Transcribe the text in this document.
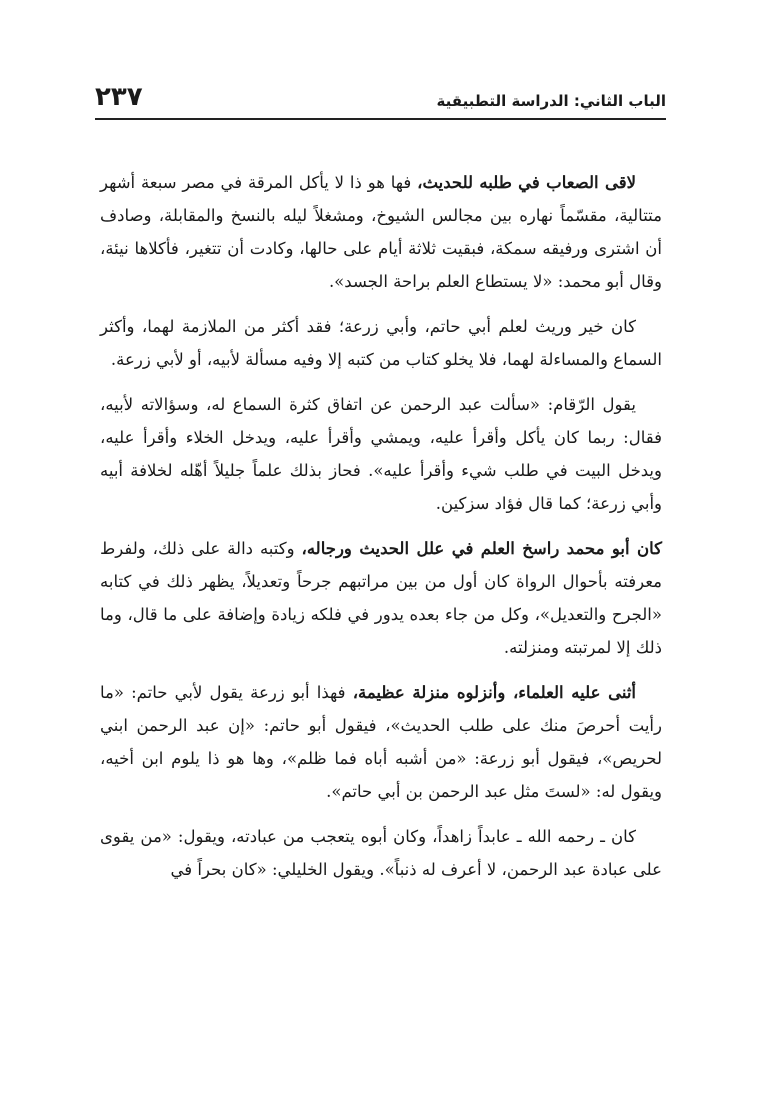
الباب الثاني: الدراسة التطبيقية
٢٣٧

لاقى الصعاب في طلبه للحديث، فها هو ذا لا يأكل المرقة في مصر سبعة أشهر متتالية، مقسّماً نهاره بين مجالس الشيوخ، ومشغلاً ليله بالنسخ والمقابلة، وصادف أن اشترى ورفيقه سمكة، فبقيت ثلاثة أيام على حالها، وكادت أن تتغير، فأكلاها نيئة، وقال أبو محمد: «لا يستطاع العلم براحة الجسد».

كان خير وريث لعلم أبي حاتم، وأبي زرعة؛ فقد أكثر من الملازمة لهما، وأكثر السماع والمساءلة لهما، فلا يخلو كتاب من كتبه إلا وفيه مسألة لأبيه، أو لأبي زرعة.

يقول الرّقام: «سألت عبد الرحمن عن اتفاق كثرة السماع له، وسؤالاته لأبيه، فقال: ربما كان يأكل وأقرأ عليه، ويمشي وأقرأ عليه، ويدخل الخلاء وأقرأ عليه، ويدخل البيت في طلب شيء وأقرأ عليه». فحاز بذلك علماً جليلاً أهّله لخلافة أبيه وأبي زرعة؛ كما قال فؤاد سزكين.

كان أبو محمد راسخ العلم في علل الحديث ورجاله، وكتبه دالة على ذلك، ولفرط معرفته بأحوال الرواة كان أول من بين مراتبهم جرحاً وتعديلاً، يظهر ذلك في كتابه «الجرح والتعديل»، وكل من جاء بعده يدور في فلكه زيادة وإضافة على ما قال، وما ذلك إلا لمرتبته ومنزلته.

أثنى عليه العلماء، وأنزلوه منزلة عظيمة، فهذا أبو زرعة يقول لأبي حاتم: «ما رأيت أحرصَ منك على طلب الحديث»، فيقول أبو حاتم: «إن عبد الرحمن ابني لحريص»، فيقول أبو زرعة: «من أشبه أباه فما ظلم»، وها هو ذا يلوم ابن أخيه، ويقول له: «لستَ مثل عبد الرحمن بن أبي حاتم».

كان ـ رحمه الله ـ عابداً زاهداً، وكان أبوه يتعجب من عبادته، ويقول: «من يقوى على عبادة عبد الرحمن، لا أعرف له ذنباً». ويقول الخليلي: «كان بحراً في
